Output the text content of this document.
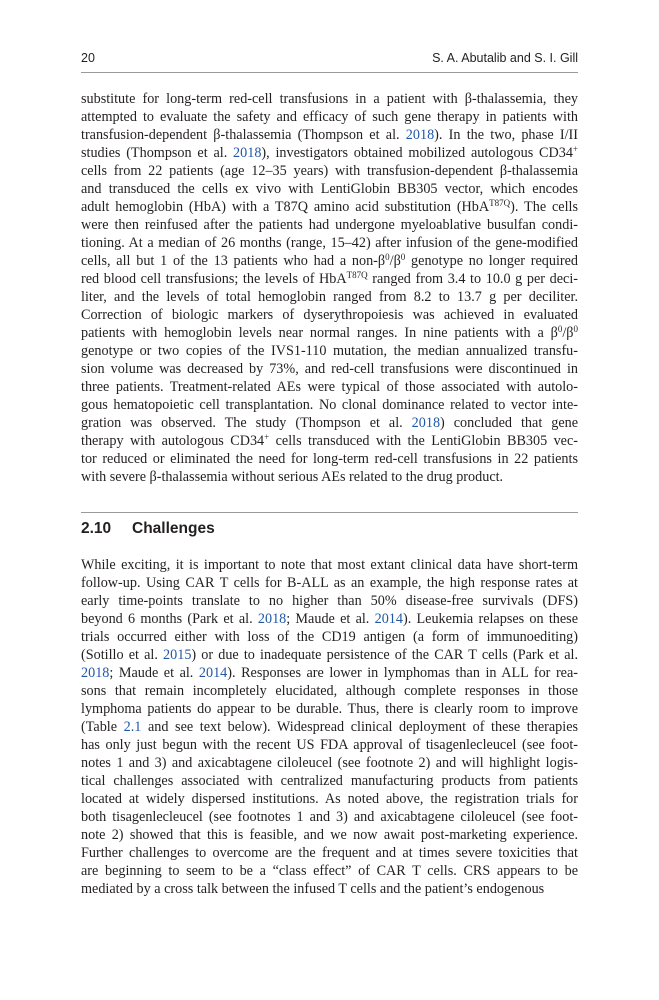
20	S. A. Abutalib and S. I. Gill
substitute for long-term red-cell transfusions in a patient with β-thalassemia, they
attempted to evaluate the safety and efficacy of such gene therapy in patients with
transfusion-dependent β-thalassemia (Thompson et al. 2018). In the two, phase I/II
studies (Thompson et al. 2018), investigators obtained mobilized autologous CD34+
cells from 22 patients (age 12–35 years) with transfusion-dependent β-thalassemia
and transduced the cells ex vivo with LentiGlobin BB305 vector, which encodes
adult hemoglobin (HbA) with a T87Q amino acid substitution (HbA$^{T87Q}$). The cells
were then reinfused after the patients had undergone myeloablative busulfan condi-
tioning. At a median of 26 months (range, 15–42) after infusion of the gene-modified
cells, all but 1 of the 13 patients who had a non-$\beta^0/\beta^0$ genotype no longer required
red blood cell transfusions; the levels of HbA$^{T87Q}$ ranged from 3.4 to 10.0 g per deci-
liter, and the levels of total hemoglobin ranged from 8.2 to 13.7 g per deciliter.
Correction of biologic markers of dyserythropoiesis was achieved in evaluated
patients with hemoglobin levels near normal ranges. In nine patients with a $\beta^0/\beta^0$
genotype or two copies of the IVS1-110 mutation, the median annualized transfu-
sion volume was decreased by 73%, and red-cell transfusions were discontinued in
three patients. Treatment-related AEs were typical of those associated with autolo-
gous hematopoietic cell transplantation. No clonal dominance related to vector inte-
gration was observed. The study (Thompson et al. 2018) concluded that gene
therapy with autologous CD34+ cells transduced with the LentiGlobin BB305 vec-
tor reduced or eliminated the need for long-term red-cell transfusions in 22 patients
with severe β-thalassemia without serious AEs related to the drug product.
2.10 Challenges
While exciting, it is important to note that most extant clinical data have short-term
follow-up. Using CAR T cells for B-ALL as an example, the high response rates at
early time-points translate to no higher than 50% disease-free survivals (DFS)
beyond 6 months (Park et al. 2018; Maude et al. 2014). Leukemia relapses on these
trials occurred either with loss of the CD19 antigen (a form of immunoediting)
(Sotillo et al. 2015) or due to inadequate persistence of the CAR T cells (Park et al.
2018; Maude et al. 2014). Responses are lower in lymphomas than in ALL for rea-
sons that remain incompletely elucidated, although complete responses in those
lymphoma patients do appear to be durable. Thus, there is clearly room to improve
(Table 2.1 and see text below). Widespread clinical deployment of these therapies
has only just begun with the recent US FDA approval of tisagenlecleucel (see foot-
notes 1 and 3) and axicabtagene ciloleucel (see footnote 2) and will highlight logis-
tical challenges associated with centralized manufacturing products from patients
located at widely dispersed institutions. As noted above, the registration trials for
both tisagenlecleucel (see footnotes 1 and 3) and axicabtagene ciloleucel (see foot-
note 2) showed that this is feasible, and we now await post-marketing experience.
Further challenges to overcome are the frequent and at times severe toxicities that
are beginning to seem to be a “class effect” of CAR T cells. CRS appears to be
mediated by a cross talk between the infused T cells and the patient’s endogenous
